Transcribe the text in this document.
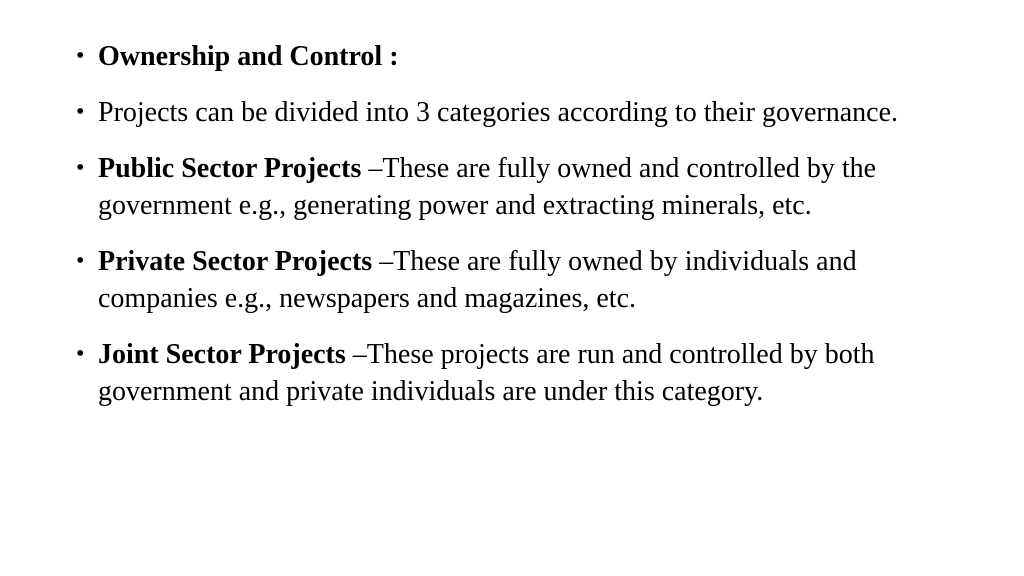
• Ownership and Control :
• Projects can be divided into 3 categories according to their governance.
• Public Sector Projects –These are fully owned and controlled by the government e.g., generating power and extracting minerals, etc.
• Private Sector Projects –These are fully owned by individuals and companies e.g., newspapers and magazines, etc.
• Joint Sector Projects –These projects are run and controlled by both government and private individuals are under this category.
